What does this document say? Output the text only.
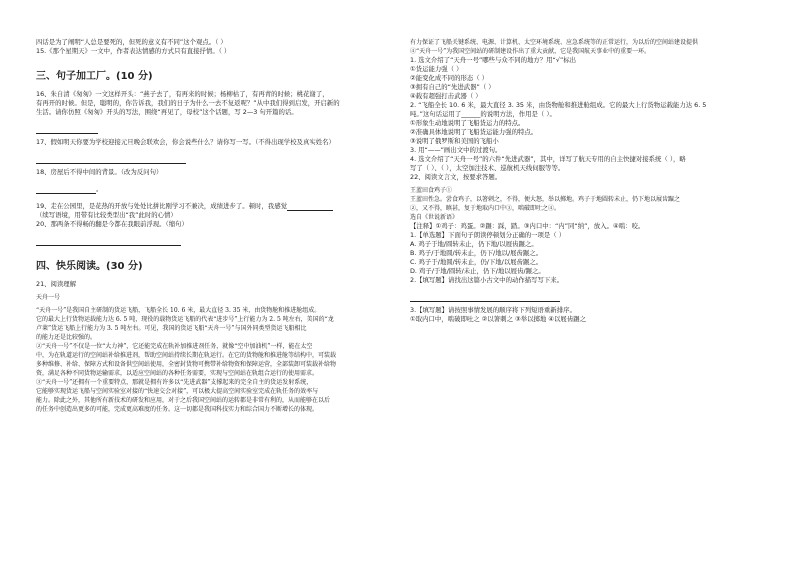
四话是为了阐明“人总是要死的，但死的意义有不同”这个观点。（ ）
15.《那个星期天》一文中，作者表达情感的方式只有直接抒情。（ ）
三、句子加工厂。(10 分)
16、朱自清《匆匆》一文这样开头：“燕子去了，有再来的时候；杨柳枯了，有再青的时候；桃花谢了，
有再开的时候。但是，聪明的，你告诉我，我们的日子为什么一去不复返呢？”从中我们得到启发，开启新的
生活。请你仿照《匆匆》开头的写法，围绕“再见了，母校”这个话题，写 2—3 句开篇的话。
17、假如明天你要为学校迎接元旦晚会联欢会，你会说些什么？请你写一写。（不得出现学校及真实姓名）
18、房屋后不得中间的背景。（改为反问句）
。
19、走在公园里，是花热的开放与处处比拼比刚学习不兼决，成绩进步了。顿时，我感觉
（续写语境，用带有比较类型出“我”此时的心情）
20、那两条不得畅的翻是今都在我眼前浮现。（缩句）
四、快乐阅读。(30 分)
21、阅读理解
天舟一号
“天舟一号”是我国自主研制的货运飞船，飞船全长 10. 6 米，最大直径 3. 35 米，由货物舱和推进舱组成。
它的最大上行货物运载能力达 6. 5 吨，现役的载物货运飞船的代表“进步号”上行能力为 2. 5 吨左右，美国的“龙
卢莱”货运飞船上行能力为 3. 5 吨左右。可见，我国的货运飞船“天舟一号”与国外同类型货运飞船相比
的能力还是比较强的。
②“天舟一号”不仅是一位“大力神”，它还能完成在轨补加推进剂任务，就像“空中加油机”一样，能在太空
中，为在轨道运行的空间站补给推进剂，帮助空间站持续长期在轨运行。在它的货物舱和推进舱等结构中，可装载
多种维修、补给、保障方式和设备供空间站使用，全密封货物可携带补给物资和保障运营，全部装卸可装载补给物
资，满足各种不同货物运输需求，以适应空间站的各种任务需要，实现与空间站在轨组合运行的使用需求。
③“天舟一号”还拥有一个重要特点，那就是拥有许多以“先进武器”支撑起来的完全自主的货运发射系统，
它能够实现货运飞船与空间实验室对接的“快速交会对接”，可以极大提高空间实验室完成在轨任务的效率与
能力。除此之外，其他所有新技术的研发和应用，对于之后我国空间站的运转都是非常有利的，从而能够在以后
的任务中创造出更多的可能，完成更高难度的任务。这一切都是我国科技实力和综合国力不断增长的体现。
有力保证了飞船关键系统、电源、计算机、太空环境系统、应急系统等的正常运行，为以后的空间站建设提供
④“天舟一号”为我国空间站的研制建设作出了重大贡献，它是我国航天事业中的重要一环。
1. 选文介绍了“天舟一号”哪些与众不同的地方？用“√”标出
①货运能力强（ ）
②能变化成不同的形态（ ）
③拥有自己的“先进武器”（ ）
④载有超强打击武器（ ）
2. “飞船全长 10. 6 米，最大直径 3. 35 米，由货物舱和推进舱组成。它的最大上行货物运载能力达 6. 5
吨。”这句话运用了______的说明方法，作用是（ ）。
①形象生动地说明了飞船货运力的特点。
②准确具体地说明了飞船货运能力强的特点。
③说明了俄罗斯和美国的飞船小
3. 用“——”画出文中的过渡句。
4. 选文介绍了“天舟一号”的六件“先进武器”，其中，详写了航天专用的自主快捷对接系统（ ），略
写了（ ）、（ ），太空加注技术、巡航机天线伺服等等。
22、阅读文言文，按要求答题。
王蓝田食鸡子①
王蓝田性急。尝食鸡子，以箸刺之，不得，便大怒，举以掷地。鸡子于地圆转未止，仍下地以屐齿蹍之
②，又不得，瞋甚，复于地取内口中③，啮破即吐之④。
选自《世说新语》
【注释】①鸡子：鸡蛋。②蹍：踩，踏。③内口中：“内”同“纳”，放入。④啮：咬。
1.【单选题】下面句子朗读停顿划分正确的一项是（ ）
A. 鸡子于地/圆转未止，仍下地/以屐齿蹍之。
B. 鸡子/于地圆/转未止，仍下/地以/屐齿蹍之。
C. 鸡子于/地圆/转未止，仍/下地/以屐齿蹍之。
D. 鸡子/于地/圆转/未止，仍下/地以屐齿/蹍之。
2.【填写题】请找出这篇小古文中的动作描写写下来。
3.【填写题】请按照事情发展的顺序将下列短语重新排序。
①取内口中，啮破即吐之 ②以箸刺之 ③举以掷地 ④以屐齿蹍之
